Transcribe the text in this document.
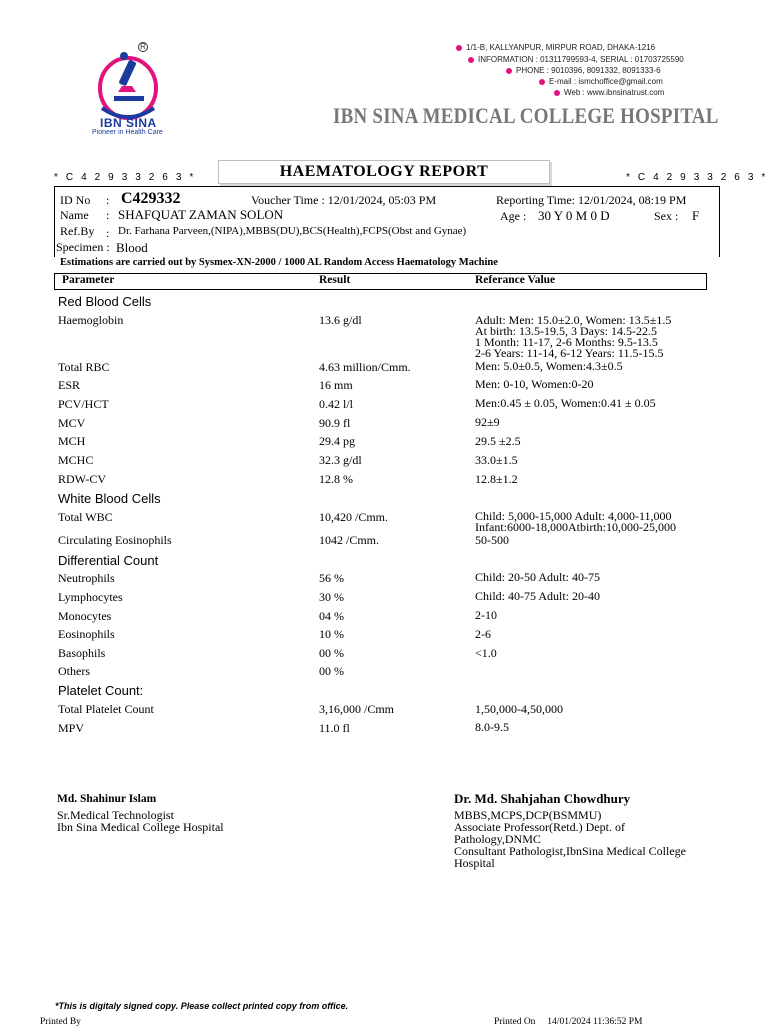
R
IBN SINA
Pioneer in Health Care
1/1-B, KALLYANPUR, MIRPUR ROAD, DHAKA-1216
INFORMATION : 01311799593-4, SERIAL : 01703725590
PHONE : 9010396, 8091332, 8091333-6
E-mail : ismchoffice@gmail.com
Web : www.ibnsinatrust.com
IBN SINA MEDICAL COLLEGE HOSPITAL
* C 4 2 9 3 3 2 6 3 *	HAEMATOLOGY REPORT	* C 4 2 9 3 3 2 6 3 *
ID No : C429332	Voucher Time : 12/01/2024, 05:03 PM	Reporting Time: 12/01/2024, 08:19 PM
Name : SHAFQUAT ZAMAN SOLON	Age : 30 Y 0 M 0 D	Sex : F
Ref.By : Dr. Farhana Parveen,(NIPA),MBBS(DU),BCS(Health),FCPS(Obst and Gynae)
Specimen : Blood
Estimations are carried out by Sysmex-XN-2000 / 1000 AL Random Access Haematology Machine
Parameter	Result	Referance Value
Red Blood Cells
Haemoglobin	13.6 g/dl	Adult: Men: 15.0±2.0, Women: 13.5±1.5
At birth: 13.5-19.5, 3 Days: 14.5-22.5
1 Month: 11-17, 2-6 Months: 9.5-13.5
2-6 Years: 11-14, 6-12 Years: 11.5-15.5
Total RBC	4.63 million/Cmm.	Men: 5.0±0.5, Women:4.3±0.5
ESR	16 mm	Men: 0-10, Women:0-20
PCV/HCT	0.42 l/l	Men:0.45 ± 0.05, Women:0.41 ± 0.05
MCV	90.9 fl	92±9
MCH	29.4 pg	29.5 ±2.5
MCHC	32.3 g/dl	33.0±1.5
RDW-CV	12.8 %	12.8±1.2
White Blood Cells
Total WBC	10,420 /Cmm.	Child: 5,000-15,000 Adult: 4,000-11,000
Infant:6000-18,000Atbirth:10,000-25,000
Circulating Eosinophils	1042 /Cmm.	50-500
Differential Count
Neutrophils	56 %	Child: 20-50 Adult: 40-75
Lymphocytes	30 %	Child: 40-75 Adult: 20-40
Monocytes	04 %	2-10
Eosinophils	10 %	2-6
Basophils	00 %	<1.0
Others	00 %
Platelet Count:
Total Platelet Count	3,16,000 /Cmm	1,50,000-4,50,000
MPV	11.0 fl	8.0-9.5
Md. Shahinur Islam
Sr.Medical Technologist
Ibn Sina Medical College Hospital
Dr. Md. Shahjahan Chowdhury
MBBS,MCPS,DCP(BSMMU)
Associate Professor(Retd.) Dept. of
Pathology,DNMC
Consultant Pathologist,IbnSina Medical College
Hospital
*This is digitaly signed copy. Please collect printed copy from office.
Printed By	Printed On     14/01/2024 11:36:52 PM
